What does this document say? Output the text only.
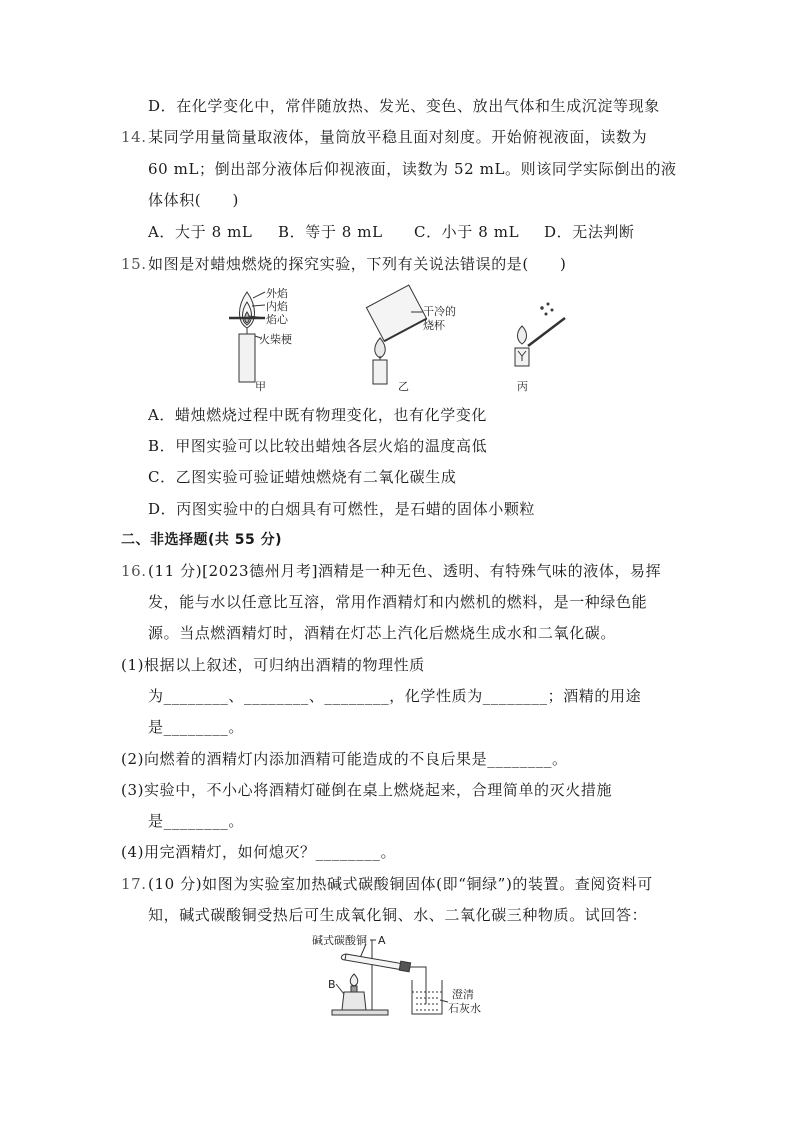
D．在化学变化中，常伴随放热、发光、变色、放出气体和生成沉淀等现象
14. 某同学用量筒量取液体，量筒放平稳且面对刻度。开始俯视液面，读数为
60 mL；倒出部分液体后仰视液面，读数为 52 mL。则该同学实际倒出的液
体体积(　　)
A．大于 8 mL B．等于 8 mL C．小于 8 mL D．无法判断
15. 如图是对蜡烛燃烧的探究实验，下列有关说法错误的是(　　)
外焰
内焰
焰心
火柴梗
甲
干冷的
烧杯
乙	丙
A．蜡烛燃烧过程中既有物理变化，也有化学变化
B．甲图实验可以比较出蜡烛各层火焰的温度高低
C．乙图实验可验证蜡烛燃烧有二氧化碳生成
D．丙图实验中的白烟具有可燃性，是石蜡的固体小颗粒
二、非选择题(共 55 分)
16. (11 分)[2023德州月考]酒精是一种无色、透明、有特殊气味的液体，易挥
发，能与水以任意比互溶，常用作酒精灯和内燃机的燃料，是一种绿色能
源。当点燃酒精灯时，酒精在灯芯上汽化后燃烧生成水和二氧化碳。
(1)根据以上叙述，可归纳出酒精的物理性质
为________、________、________，化学性质为________；酒精的用途
是________。
(2)向燃着的酒精灯内添加酒精可能造成的不良后果是________。
(3)实验中，不小心将酒精灯碰倒在桌上燃烧起来，合理简单的灭火措施
是________。
(4)用完酒精灯，如何熄灭？________。
17. (10 分)如图为实验室加热碱式碳酸铜固体(即“铜绿”)的装置。查阅资料可
知，碱式碳酸铜受热后可生成氧化铜、水、二氧化碳三种物质。试回答：
碱式碳酸铜 A
B
澄清
石灰水
